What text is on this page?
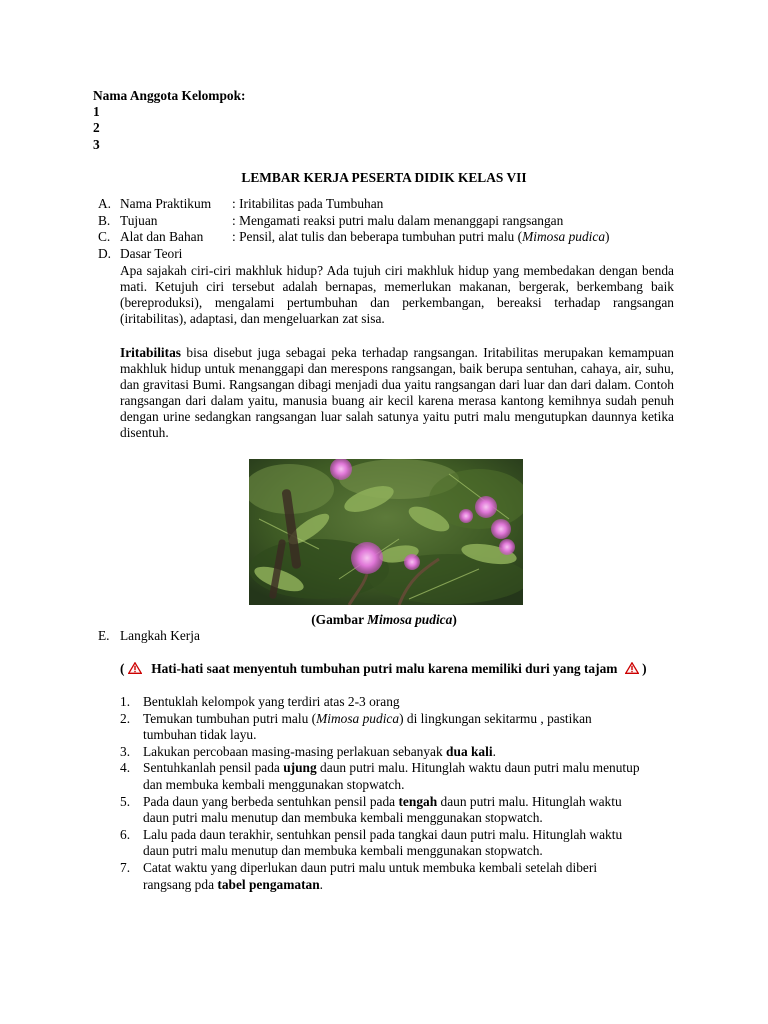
Nama Anggota Kelompok:
1
2
3
LEMBAR KERJA PESERTA DIDIK KELAS VII
A. Nama Praktikum : Iritabilitas pada Tumbuhan
B. Tujuan	: Mengamati reaksi putri malu dalam menanggapi rangsangan
C. Alat dan Bahan : Pensil, alat tulis dan beberapa tumbuhan putri malu (Mimosa pudica)
D. Dasar Teori
Apa sajakah ciri-ciri makhluk hidup? Ada tujuh ciri makhluk hidup yang membedakan dengan benda mati. Ketujuh ciri tersebut adalah bernapas, memerlukan makanan, bergerak, berkembang baik (bereproduksi), mengalami pertumbuhan dan perkembangan, bereaksi terhadap rangsangan (iritabilitas), adaptasi, dan mengeluarkan zat sisa.
Iritabilitas bisa disebut juga sebagai peka terhadap rangsangan. Iritabilitas merupakan kemampuan makhluk hidup untuk menanggapi dan merespons rangsangan, baik berupa sentuhan, cahaya, air, suhu, dan gravitasi Bumi. Rangsangan dibagi menjadi dua yaitu rangsangan dari luar dan dari dalam. Contoh rangsangan dari dalam yaitu, manusia buang air kecil karena merasa kantong kemihnya sudah penuh dengan urine sedangkan rangsangan luar salah satunya yaitu putri malu mengutupkan daunnya ketika disentuh.
(Gambar Mimosa pudica)
E. Langkah Kerja
( Hati-hati saat menyentuh tumbuhan putri malu karena memiliki duri yang tajam )
1. Bentuklah kelompok yang terdiri atas 2-3 orang
2. Temukan tumbuhan putri malu (Mimosa pudica) di lingkungan sekitarmu , pastikan
tumbuhan tidak layu.
3. Lakukan percobaan masing-masing perlakuan sebanyak dua kali.
4. Sentuhkanlah pensil pada ujung daun putri malu. Hitunglah waktu daun putri malu menutup
dan membuka kembali menggunakan stopwatch.
5. Pada daun yang berbeda sentuhkan pensil pada tengah daun putri malu. Hitunglah waktu
daun putri malu menutup dan membuka kembali menggunakan stopwatch.
6. Lalu pada daun terakhir, sentuhkan pensil pada tangkai daun putri malu. Hitunglah waktu
daun putri malu menutup dan membuka kembali menggunakan stopwatch.
7. Catat waktu yang diperlukan daun putri malu untuk membuka kembali setelah diberi
rangsang pda tabel pengamatan.
